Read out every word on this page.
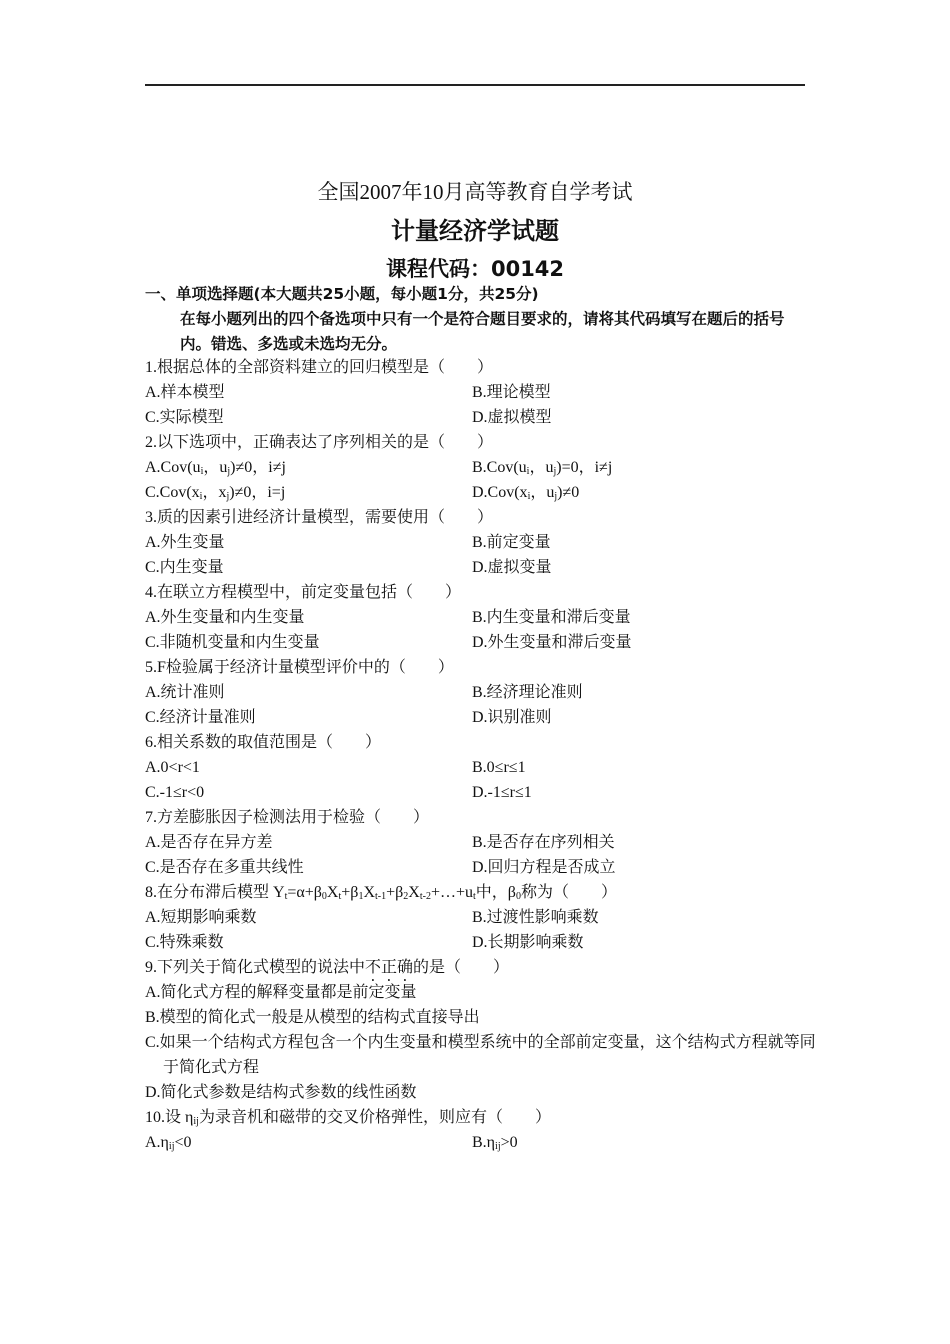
全国2007年10月高等教育自学考试
计量经济学试题
课程代码：00142
一、单项选择题(本大题共25小题，每小题1分，共25分)
在每小题列出的四个备选项中只有一个是符合题目要求的，请将其代码填写在题后的括号内。错选、多选或未选均无分。
1.根据总体的全部资料建立的回归模型是（　　）
A.样本模型	B.理论模型
C.实际模型	D.虚拟模型
2.以下选项中，正确表达了序列相关的是（　　）
$A.Cov(u_i$，$u_j)\ne 0$，i≠j	$B.Cov(u_i$，$u_j)=0$，i≠j
$C.Cov(x_i$，$x_j)\ne 0$，i=j	$D.Cov(x_i$，$u_j)\ne 0$
3.质的因素引进经济计量模型，需要使用（　　）
A.外生变量	B.前定变量
C.内生变量	D.虚拟变量
4.在联立方程模型中，前定变量包括（　　）
A.外生变量和内生变量	B.内生变量和滞后变量
C.非随机变量和内生变量	D.外生变量和滞后变量
5.F检验属于经济计量模型评价中的（　　）
A.统计准则	B.经济理论准则
C.经济计量准则	D.识别准则
6.相关系数的取值范围是（　　）
A.0<r<1	B.0≤r≤1
C.-1≤r<0	D.-1≤r≤1
7.方差膨胀因子检测法用于检验（　　）
A.是否存在异方差	B.是否存在序列相关
C.是否存在多重共线性	D.回归方程是否成立
8.在分布滞后模型 $Y_t=\alpha+\beta_0X_t+\beta_1X_{t-1}+\beta_2X_{t-2}+\dots+u_t$中，$\beta_0$称为（　　）
A.短期影响乘数	B.过渡性影响乘数
C.特殊乘数	D.长期影响乘数
9.下列关于简化式模型的说法中不正确的是（　　）
A.简化式方程的解释变量都是前定变量
B.模型的简化式一般是从模型的结构式直接导出
C.如果一个结构式方程包含一个内生变量和模型系统中的全部前定变量，这个结构式方程就等同于简化式方程
D.简化式参数是结构式参数的线性函数
10.设 $\eta_{ij}$为录音机和磁带的交叉价格弹性，则应有（　　）
$A.\eta_{ij}<0$	$B.\eta_{ij}>0$
